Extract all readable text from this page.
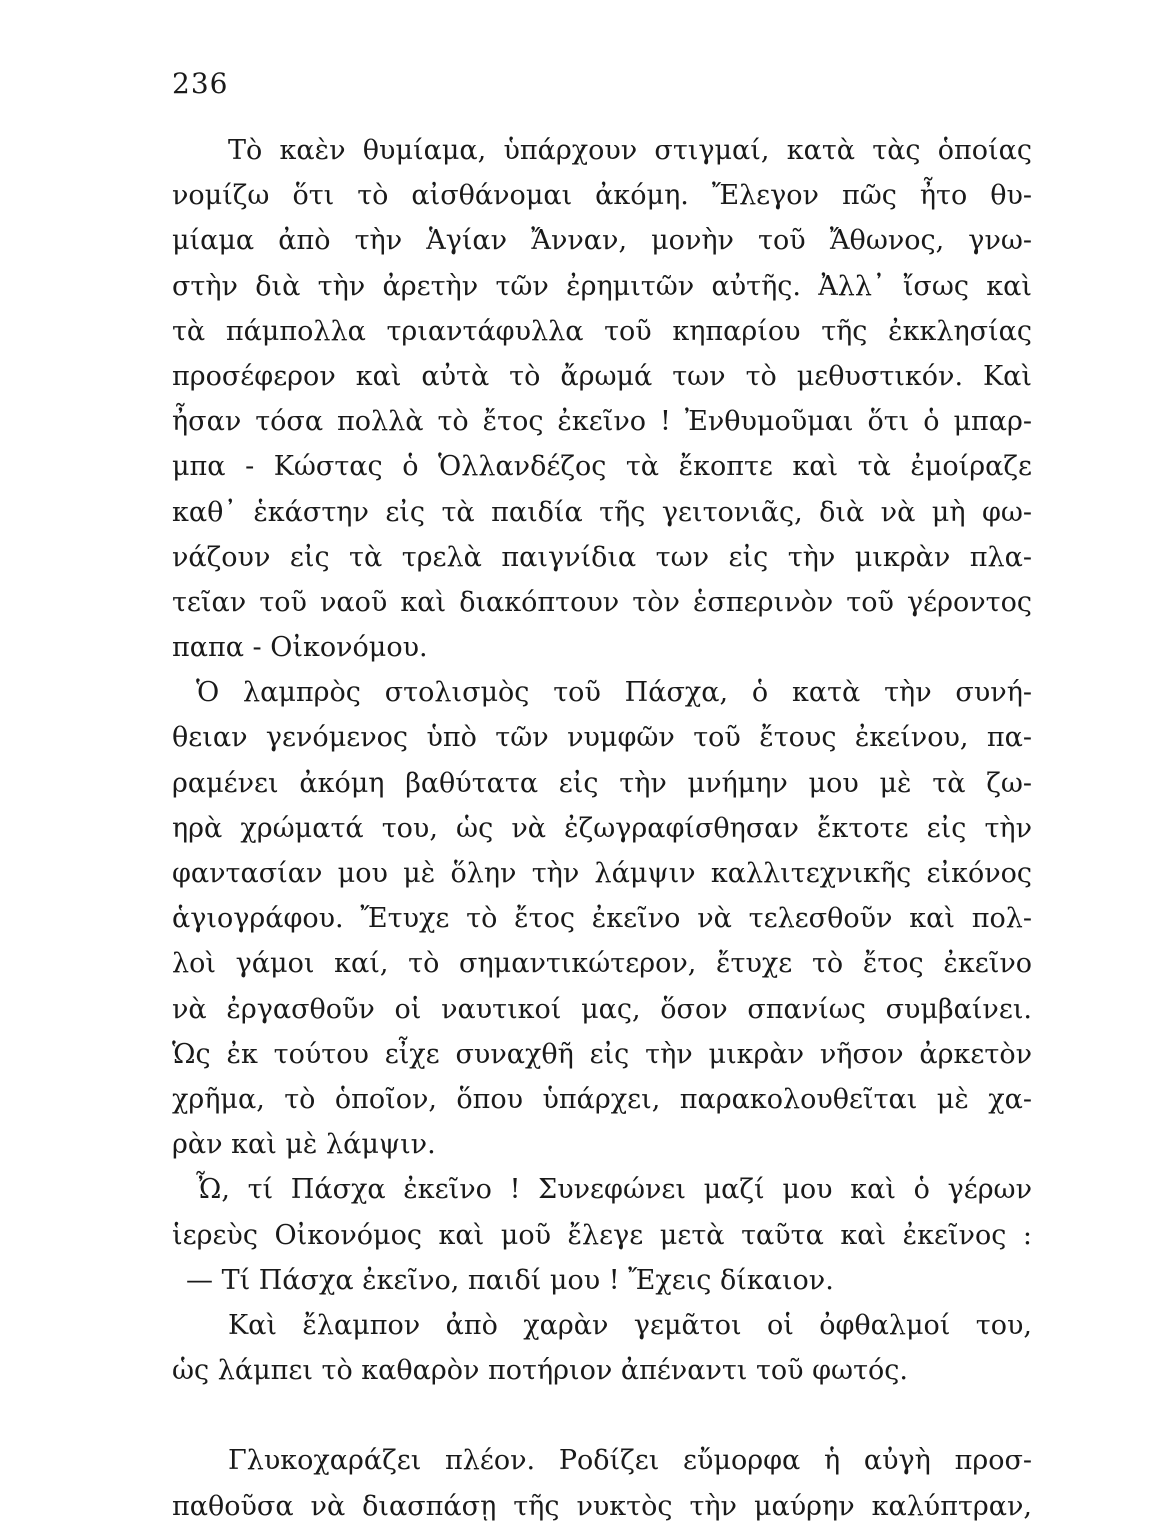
236
Τὸ καὲν θυμίαμα, ὑπάρχουν στιγμαί, κατὰ τὰς ὁποίας
νομίζω ὅτι τὸ αἰσθάνομαι ἀκόμη. Ἔλεγον πῶς ἦτο θυ-
μίαμα ἀπὸ τὴν Ἁγίαν Ἄνναν, μονὴν τοῦ Ἄθωνος, γνω-
στὴν διὰ τὴν ἀρετὴν τῶν ἐρημιτῶν αὐτῆς. Ἀλλ᾽ ἴσως καὶ
τὰ πάμπολλα τριαντάφυλλα τοῦ κηπαρίου τῆς ἐκκλησίας
προσέφερον καὶ αὐτὰ τὸ ἄρωμά των τὸ μεθυστικόν. Καὶ
ἦσαν τόσα πολλὰ τὸ ἔτος ἐκεῖνο ! Ἐνθυμοῦμαι ὅτι ὁ μπαρ-
μπα - Κώστας ὁ Ὁλλανδέζος τὰ ἔκοπτε καὶ τὰ ἐμοίραζε
καθ᾽ ἑκάστην εἰς τὰ παιδία τῆς γειτονιᾶς, διὰ νὰ μὴ φω-
νάζουν εἰς τὰ τρελὰ παιγνίδια των εἰς τὴν μικρὰν πλα-
τεῖαν τοῦ ναοῦ καὶ διακόπτουν τὸν ἑσπερινὸν τοῦ γέροντος
παπα - Οἰκονόμου.
Ὁ λαμπρὸς στολισμὸς τοῦ Πάσχα, ὁ κατὰ τὴν συνή-
θειαν γενόμενος ὑπὸ τῶν νυμφῶν τοῦ ἔτους ἐκείνου, πα-
ραμένει ἀκόμη βαθύτατα εἰς τὴν μνήμην μου μὲ τὰ ζω-
ηρὰ χρώματά του, ὡς νὰ ἐζωγραφίσθησαν ἔκτοτε εἰς τὴν
φαντασίαν μου μὲ ὅλην τὴν λάμψιν καλλιτεχνικῆς εἰκόνος
ἁγιογράφου. Ἔτυχε τὸ ἔτος ἐκεῖνο νὰ τελεσθοῦν καὶ πολ-
λοὶ γάμοι καί, τὸ σημαντικώτερον, ἔτυχε τὸ ἔτος ἐκεῖνο
νὰ ἐργασθοῦν οἱ ναυτικοί μας, ὅσον σπανίως συμβαίνει.
Ὡς ἐκ τούτου εἶχε συναχθῆ εἰς τὴν μικρὰν νῆσον ἀρκετὸν
χρῆμα, τὸ ὁποῖον, ὅπου ὑπάρχει, παρακολουθεῖται μὲ χα-
ρὰν καὶ μὲ λάμψιν.
Ὦ, τί Πάσχα ἐκεῖνο ! Συνεφώνει μαζί μου καὶ ὁ γέρων
ἱερεὺς Οἰκονόμος καὶ μοῦ ἔλεγε μετὰ ταῦτα καὶ ἐκεῖνος :
— Τί Πάσχα ἐκεῖνο, παιδί μου ! Ἔχεις δίκαιον.
Καὶ ἔλαμπον ἀπὸ χαρὰν γεμᾶτοι οἱ ὀφθαλμοί του,
ὡς λάμπει τὸ καθαρὸν ποτήριον ἀπέναντι τοῦ φωτός.
Γλυκοχαράζει πλέον. Ροδίζει εὔμορφα ἡ αὐγὴ προσ-
παθοῦσα νὰ διασπάσῃ τῆς νυκτὸς τὴν μαύρην καλύπτραν,
